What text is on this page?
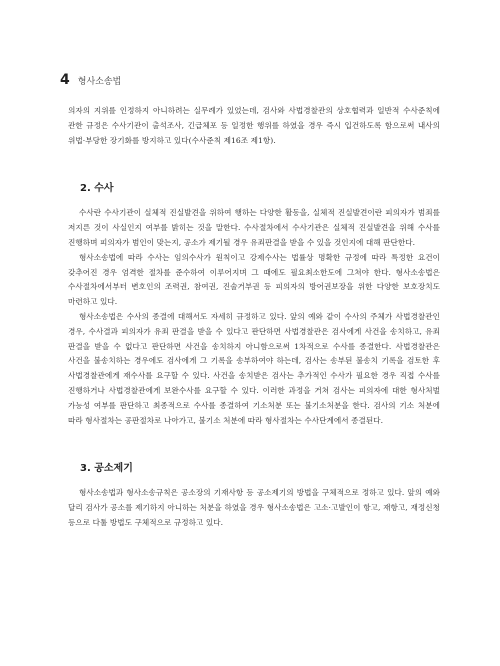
4 형사소송법

의자의 지위를 인정하지 아니하려는 실무례가 있었는데, 검사와 사법경찰관의 상호협력과 일반적 수사준칙에 관한 규정은 수사기관이 출석조사, 긴급체포 등 일정한 행위를 하였을 경우 즉시 입건하도록 함으로써 내사의 위법·부당한 장기화를 방지하고 있다(수사준칙 제16조 제1항).

2. 수사

수사란 수사기관이 실체적 진실발견을 위하여 행하는 다양한 활동을, 실체적 진실발견이란 피의자가 범죄를 저지른 것이 사실인지 여부를 밝히는 것을 말한다. 수사절차에서 수사기관은 실체적 진실발견을 위해 수사를 진행하며 피의자가 범인이 맞는지, 공소가 제기될 경우 유죄판결을 받을 수 있을 것인지에 대해 판단한다.

형사소송법에 따라 수사는 임의수사가 원칙이고 강제수사는 법률상 명확한 규정에 따라 특정한 요건이 갖추어진 경우 엄격한 절차를 준수하여 이루어지며 그 때에도 필요최소한도에 그쳐야 한다. 형사소송법은 수사절차에서부터 변호인의 조력권, 참여권, 진술거부권 등 피의자의 방어권보장을 위한 다양한 보호장치도 마련하고 있다.

형사소송법은 수사의 종결에 대해서도 자세히 규정하고 있다. 앞의 예와 같이 수사의 주체가 사법경찰관인 경우, 수사결과 피의자가 유죄 판결을 받을 수 있다고 판단하면 사법경찰관은 검사에게 사건을 송치하고, 유죄 판결을 받을 수 없다고 판단하면 사건을 송치하지 아니함으로써 1차적으로 수사를 종결한다. 사법경찰관은 사건을 불송치하는 경우에도 검사에게 그 기록을 송부하여야 하는데, 검사는 송부된 불송치 기록을 검토한 후 사법경찰관에게 재수사를 요구할 수 있다. 사건을 송치받은 검사는 추가적인 수사가 필요한 경우 직접 수사를 진행하거나 사법경찰관에게 보완수사를 요구할 수 있다. 이러한 과정을 거쳐 검사는 피의자에 대한 형사처벌 가능성 여부를 판단하고 최종적으로 수사를 종결하여 기소처분 또는 불기소처분을 한다. 검사의 기소 처분에 따라 형사절차는 공판절차로 나아가고, 불기소 처분에 따라 형사절차는 수사단계에서 종결된다.

3. 공소제기

형사소송법과 형사소송규칙은 공소장의 기재사항 등 공소제기의 방법을 구체적으로 정하고 있다. 앞의 예와 달리 검사가 공소를 제기하지 아니하는 처분을 하였을 경우 형사소송법은 고소·고발인이 항고, 재항고, 재정신청 등으로 다툴 방법도 구체적으로 규정하고 있다.
